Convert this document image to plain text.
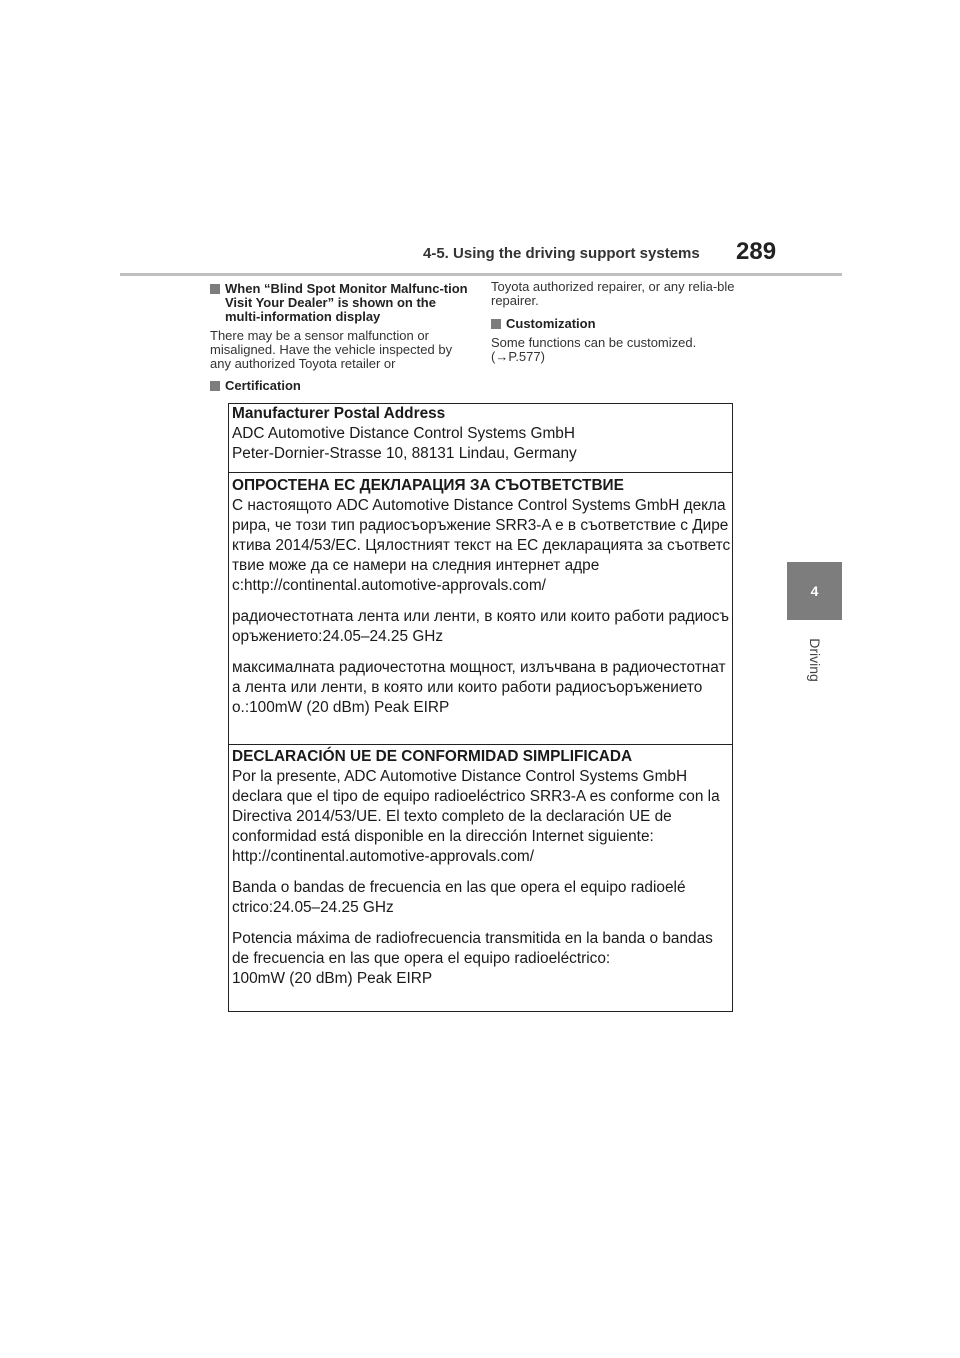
4-5. Using the driving support systems 289
4
Driving
When “Blind Spot Monitor Malfunc-tion Visit Your Dealer” is shown on the multi-information display
There may be a sensor malfunction or misaligned. Have the vehicle inspected by any authorized Toyota retailer or
Certification
Toyota authorized repairer, or any relia-ble repairer.
Customization
Some functions can be customized. (→P.577)
Manufacturer Postal Address
ADC Automotive Distance Control Systems GmbH
Peter-Dornier-Strasse 10, 88131 Lindau, Germany
ОПРОСТЕНА ЕС ДЕКЛАРАЦИЯ ЗА СЪОТВЕТСТВИЕ
С настоящото ADC Automotive Distance Control Systems GmbH декла
рира, че този тип радиосъоръжение SRR3-A е в съответствие с Дире
ктива 2014/53/ЕС. Цялостният текст на ЕС декларацията за съответс
твие може да се намери на следния интернет адре
c:http://continental.automotive-approvals.com/
радиочестотната лента или ленти, в която или които работи радиосъ
оръжението:24.05–24.25 GHz
максималната радиочестотна мощност, излъчвана в радиочестотнат
а лента или ленти, в която или които работи радиосъоръжението
о.:100mW (20 dBm) Peak EIRP
DECLARACIÓN UE DE CONFORMIDAD SIMPLIFICADA
Por la presente, ADC Automotive Distance Control Systems GmbH
declara que el tipo de equipo radioeléctrico SRR3-A es conforme con la
Directiva 2014/53/UE. El texto completo de la declaración UE de
conformidad está disponible en la dirección Internet siguiente:
http://continental.automotive-approvals.com/
Banda o bandas de frecuencia en las que opera el equipo radioelé
ctrico:24.05–24.25 GHz
Potencia máxima de radiofrecuencia transmitida en la banda o bandas
de frecuencia en las que opera el equipo radioeléctrico:
100mW (20 dBm) Peak EIRP
